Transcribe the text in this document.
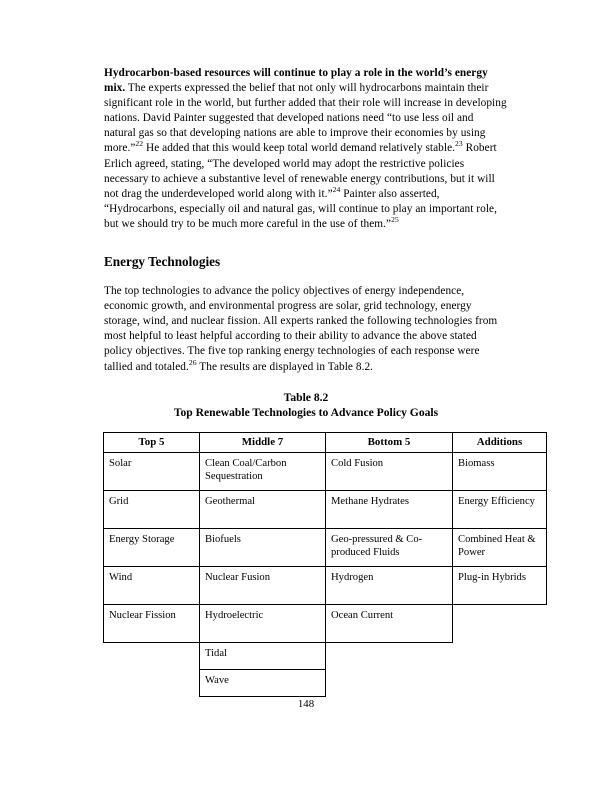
Hydrocarbon-based resources will continue to play a role in the world’s energy mix. The experts expressed the belief that not only will hydrocarbons maintain their significant role in the world, but further added that their role will increase in developing nations. David Painter suggested that developed nations need “to use less oil and natural gas so that developing nations are able to improve their economies by using more.”$^{22}$ He added that this would keep total world demand relatively stable.$^{23}$ Robert Erlich agreed, stating, “The developed world may adopt the restrictive policies necessary to achieve a substantive level of renewable energy contributions, but it will not drag the underdeveloped world along with it.”$^{24}$ Painter also asserted, “Hydrocarbons, especially oil and natural gas, will continue to play an important role, but we should try to be much more careful in the use of them.”$^{25}$

Energy Technologies

The top technologies to advance the policy objectives of energy independence, economic growth, and environmental progress are solar, grid technology, energy storage, wind, and nuclear fission. All experts ranked the following technologies from most helpful to least helpful according to their ability to advance the above stated policy objectives. The five top ranking energy technologies of each response were tallied and totaled.$^{26}$ The results are displayed in Table 8.2.

Table 8.2
Top Renewable Technologies to Advance Policy Goals
Top 5	Middle 7	Bottom 5	Additions
Solar	Clean Coal/Carbon Sequestration	Cold Fusion	Biomass
Grid	Geothermal	Methane Hydrates	Energy Efficiency
Energy Storage	Biofuels	Geo-pressured & Co-produced Fluids	Combined Heat & Power
Wind	Nuclear Fusion	Hydrogen	Plug-in Hybrids
Nuclear Fission	Hydroelectric	Ocean Current	
	Tidal		
	Wave		
148
